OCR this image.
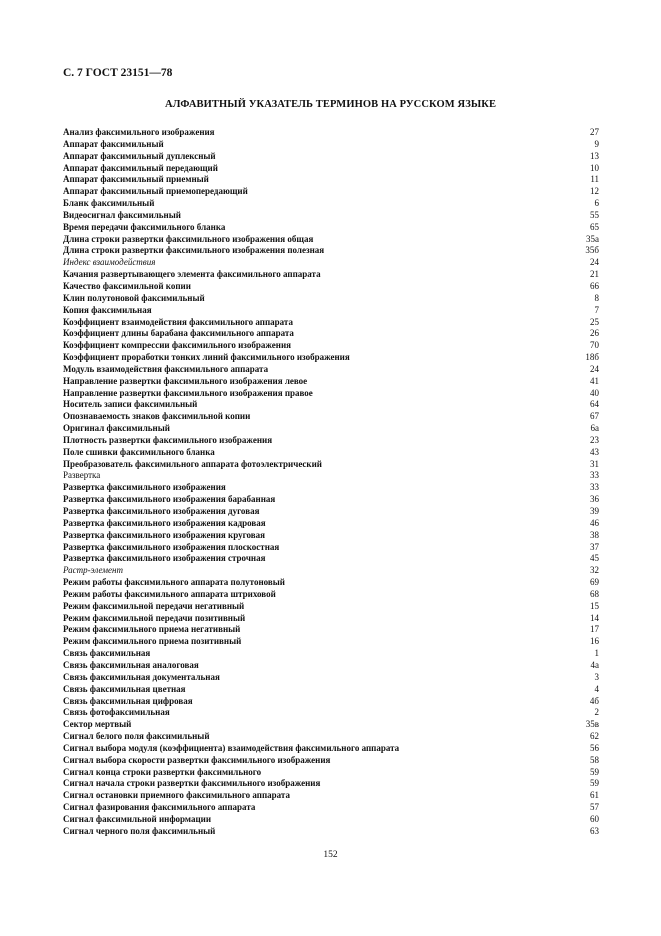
С. 7 ГОСТ 23151—78
АЛФАВИТНЫЙ УКАЗАТЕЛЬ ТЕРМИНОВ НА РУССКОМ ЯЗЫКЕ
Анализ факсимильного изображения	27
Аппарат факсимильный	9
Аппарат факсимильный дуплексный	13
Аппарат факсимильный передающий	10
Аппарат факсимильный приемный	11
Аппарат факсимильный приемопередающий	12
Бланк факсимильный	6
Видеосигнал факсимильный	55
Время передачи факсимильного бланка	65
Длина строки развертки факсимильного изображения общая	35а
Длина строки развертки факсимильного изображения полезная	35б
Индекс взаимодействия	24
Качания развертывающего элемента факсимильного аппарата	21
Качество факсимильной копии	66
Клин полутоновой факсимильный	8
Копия факсимильная	7
Коэффициент взаимодействия факсимильного аппарата	25
Коэффициент длины барабана факсимильного аппарата	26
Коэффициент компрессии факсимильного изображения	70
Коэффициент проработки тонких линий факсимильного изображения	18б
Модуль взаимодействия факсимильного аппарата	24
Направление развертки факсимильного изображения левое	41
Направление развертки факсимильного изображения правое	40
Носитель записи факсимильный	64
Опознаваемость знаков факсимильной копии	67
Оригинал факсимильный	6а
Плотность развертки факсимильного изображения	23
Поле сшивки факсимильного бланка	43
Преобразователь факсимильного аппарата фотоэлектрический	31
Развертка	33
Развертка факсимильного изображения	33
Развертка факсимильного изображения барабанная	36
Развертка факсимильного изображения дуговая	39
Развертка факсимильного изображения кадровая	46
Развертка факсимильного изображения круговая	38
Развертка факсимильного изображения плоскостная	37
Развертка факсимильного изображения строчная	45
Растр-элемент	32
Режим работы факсимильного аппарата полутоновый	69
Режим работы факсимильного аппарата штриховой	68
Режим факсимильной передачи негативный	15
Режим факсимильной передачи позитивный	14
Режим факсимильного приема негативный	17
Режим факсимильного приема позитивный	16
Связь факсимильная	1
Связь факсимильная аналоговая	4а
Связь факсимильная документальная	3
Связь факсимильная цветная	4
Связь факсимильная цифровая	4б
Связь фотофаксимильная	2
Сектор мертвый	35в
Сигнал белого поля факсимильный	62
Сигнал выбора модуля (коэффициента) взаимодействия факсимильного аппарата	56
Сигнал выбора скорости развертки факсимильного изображения	58
Сигнал конца строки развертки факсимильного	59
Сигнал начала строки развертки факсимильного изображения	59
Сигнал остановки приемного факсимильного аппарата	61
Сигнал фазирования факсимильного аппарата	57
Сигнал факсимильной информации	60
Сигнал черного поля факсимильный	63
152
